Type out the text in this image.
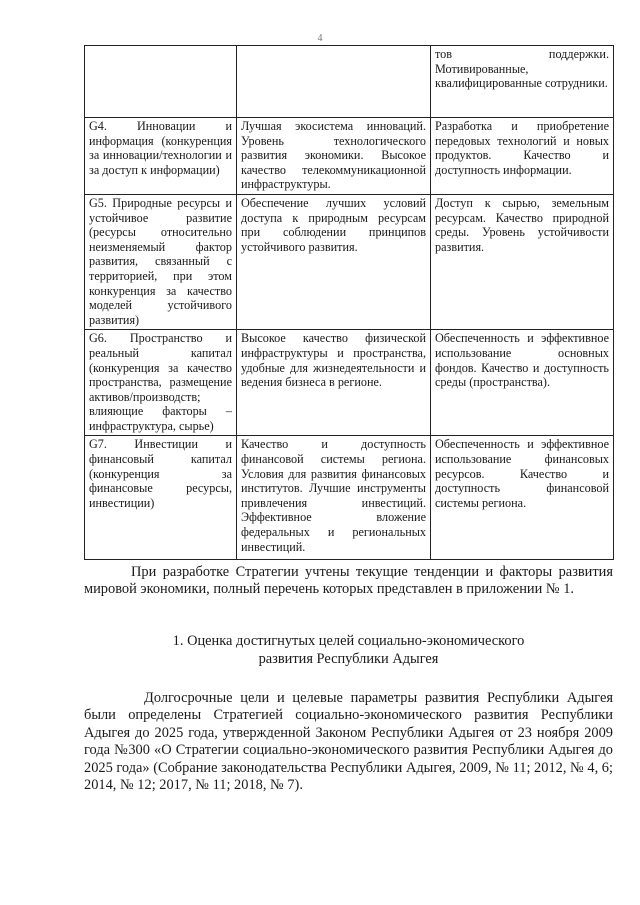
4
		тов поддержки. Мотивированные, квалифицированные сотрудники.
G4. Инновации и информация (конкуренция за инновации/технологии и за доступ к информации)	Лучшая экосистема инноваций. Уровень технологического развития экономики. Высокое качество телекоммуникационной инфраструктуры.	Разработка и приобретение передовых технологий и новых продуктов. Качество и доступность информации.
G5. Природные ресурсы и устойчивое развитие (ресурсы относительно неизменяемый фактор развития, связанный с территорией, при этом конкуренция за качество моделей устойчивого развития)	Обеспечение лучших условий доступа к природным ресурсам при соблюдении принципов устойчивого развития.	Доступ к сырью, земельным ресурсам. Качество природной среды. Уровень устойчивости развития.
G6. Пространство и реальный капитал (конкуренция за качество пространства, размещение активов/производств; влияющие факторы – инфраструктура, сырье)	Высокое качество физической инфраструктуры и пространства, удобные для жизнедеятельности и ведения бизнеса в регионе.	Обеспеченность и эффективное использование основных фондов. Качество и доступность среды (пространства).
G7. Инвестиции и финансовый капитал (конкуренция за финансовые ресурсы, инвестиции)	Качество и доступность финансовой системы региона. Условия для развития финансовых институтов. Лучшие инструменты привлечения инвестиций. Эффективное вложение федеральных и региональных инвестиций.	Обеспеченность и эффективное использование финансовых ресурсов. Качество и доступность финансовой системы региона.

При разработке Стратегии учтены текущие тенденции и факторы развития мировой экономики, полный перечень которых представлен в приложении № 1.

1. Оценка достигнутых целей социально-экономического
развития Республики Адыгея

Долгосрочные цели и целевые параметры развития Республики Адыгея были определены Стратегией социально-экономического развития Республики Адыгея до 2025 года, утвержденной Законом Республики Адыгея от 23 ноября 2009 года №300 «О Стратегии социально-экономического развития Республики Адыгея до 2025 года» (Собрание законодательства Республики Адыгея, 2009, № 11; 2012, № 4, 6; 2014, № 12; 2017, № 11; 2018, № 7).
